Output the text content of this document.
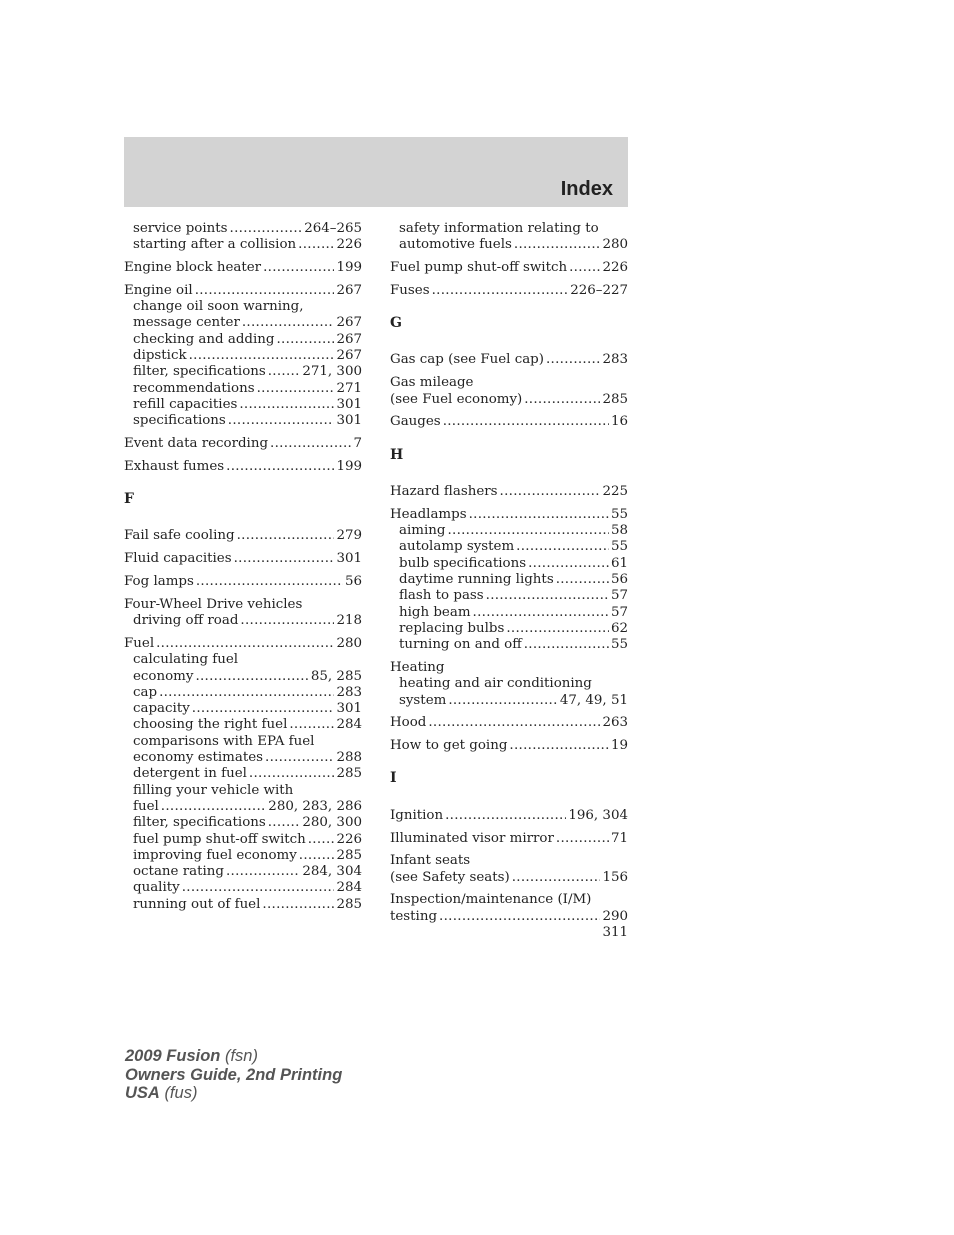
Index
service points .....	264–265
starting after a collision .....	226
Engine block heater .....	199
Engine oil .....	267
change oil soon warning,
message center .....	267
checking and adding .....	267
dipstick .....	267
filter, specifications .....	271, 300
recommendations .....	271
refill capacities .....	301
specifications .....	301
Event data recording .....	7
Exhaust fumes .....	199
F
Fail safe cooling .....	279
Fluid capacities .....	301
Fog lamps .....	56
Four-Wheel Drive vehicles
driving off road .....	218
Fuel .....	280
calculating fuel
economy .....	85, 285
cap .....	283
capacity .....	301
choosing the right fuel .....	284
comparisons with EPA fuel
economy estimates .....	288
detergent in fuel .....	285
filling your vehicle with
fuel .....	280, 283, 286
filter, specifications .....	280, 300
fuel pump shut-off switch ..... 226
improving fuel economy .....	285
octane rating .....	284, 304
quality .....	284
running out of fuel .....	285
safety information relating to
automotive fuels .....	280
Fuel pump shut-off switch .....	226
Fuses .....	226–227
G
Gas cap (see Fuel cap) .....	283
Gas mileage
(see Fuel economy) .....	285
Gauges .....	16
H
Hazard flashers .....	225
Headlamps .....	55
aiming .....	58
autolamp system .....	55
bulb specifications .....	61
daytime running lights .....	56
flash to pass .....	57
high beam .....	57
replacing bulbs .....	62
turning on and off .....	55
Heating
heating and air conditioning
system .....	47, 49, 51
Hood .....	263
How to get going .....	19
I
Ignition .....	196, 304
Illuminated visor mirror .....	71
Infant seats
(see Safety seats) .....	156
Inspection/maintenance (I/M)
testing .....	290
311
2009 Fusion (fsn)
Owners Guide, 2nd Printing
USA (fus)
